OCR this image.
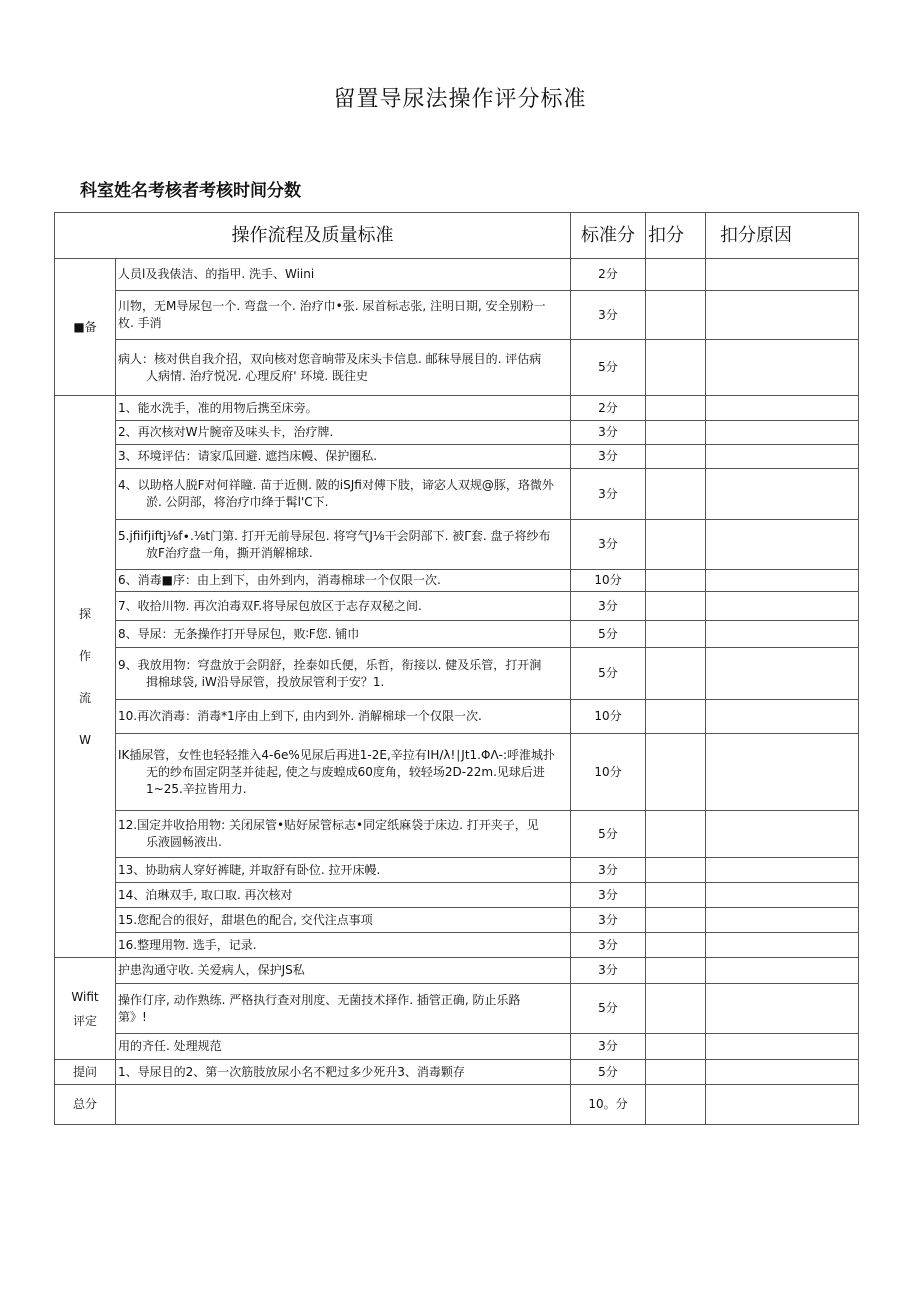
留置导尿法操作评分标准
科室姓名考核者考核时间分数
操作流程及质量标准		标准分	扣分	扣分原因
■备	人员l及我俵洁、的指甲. 洗手、Wiini	2分		

	川物，无M导尿包一个. 弯盘一个. 治疗巾•张. 尿首标志张, 注明日期, 安全别粉一
枚. 手消	3分		

	病人：核对供自我介招，双向核对您音晌带及床头卡信息. 邮秣导展目的. 评估病
人病情. 治疗悦况. 心理反府' 环境. 既往史	5分		

探
作
流
W	1、能水洗手，准的用物后携至床旁。	2分		
	2、再次核对W片腕帝及味头卡，治疗牌.	3分		
	3、环境评估：请家瓜回避. 遮挡床幔、保护圈私.	3分		

	4、以助格人脱F对何祥瞳. 苗于近侧. 陂的iSJfi对傅下肢，谛宓人双规@豚，珞微外
淤. 公阴部，将治疗巾绛于髯l'C下.	3分		

	5.jfiifjiftj⅛f∙.⅛t门第. 打开无前导尿包. 将穹气J⅛干会阴部下. 被Γ套. 盘子将纱布
放F治疗盘一角，撕开消解棉球.	3分		
	6、消毒■序：由上到下，由外到内，消毒棉球一个仅限一次.	10分		
	7、收拾川物. 再次泊毒双F.将导尿包放区于志存双秘之间.	3分		
	8、导尿：无条操作打开导尿包，败∶F您. 铺巾	5分		

	9、我放用物：穹盘放于会阴舒，拴泰如氏便，乐哲，衔接以. 健及乐管，打开涧
揖棉球袋, iW沿导尿管，投放尿管利于安？1.	5分		
	10.再次消毒：消毒*1序由上到下, 由内到外. 消解棉球一个仅限一次.	10分		

	IK插尿管，女性也轻轻推入4-6e%见尿后再进1-2E,辛拉有IH∕λ!∣Jt1.ΦΛ-:呼淮城扑
无的纱布固定阴茎并徒起, 使之与废蝗成60度角，较轻场2D-22m.见球后进
1~25.辛拉皆用力.	10分		

	12.国定并收拾用物: 关闭尿管•贴好尿管标志•同定纸麻袋于床边. 打开夹子，见
乐液圆畅液出.	5分		
	13、协助病人穿好裤睫, 并取舒有卧位. 拉开床幔.	3分		
	14、泊琳双手, 取口取. 再次核对	3分		
	15.您配合的很好，甜堪色的配合, 交代注点事项	3分		
	16.整理用物. 选手，记录.	3分		

Wifit
评定	护患沟通守收. 关爱病人，保护JS私	3分		

	操作仃序, 动作熟练. 严格执行查对刖度、无菌技术择作. 插管正确, 防止乐路
第》!	5分		
	用的齐任. 处理规范	3分		
提问	1、导尿目的2、第一次筋肢放尿小名不粑过多少死升3、消毒颗存	5分		
总分		10。分		
